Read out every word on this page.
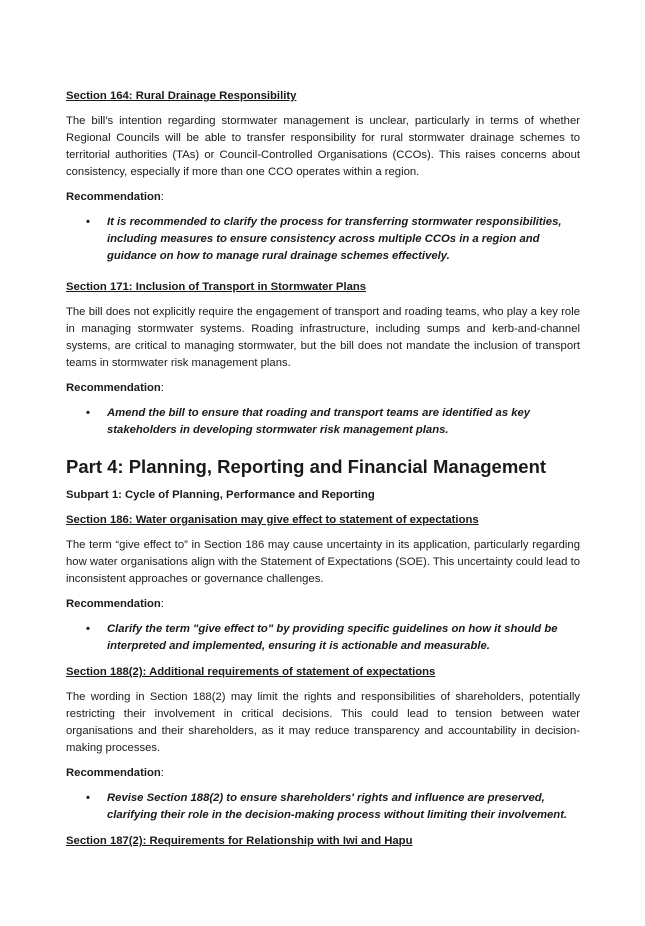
Section 164: Rural Drainage Responsibility
The bill’s intention regarding stormwater management is unclear, particularly in terms of whether Regional Councils will be able to transfer responsibility for rural stormwater drainage schemes to territorial authorities (TAs) or Council-Controlled Organisations (CCOs). This raises concerns about consistency, especially if more than one CCO operates within a region.
Recommendation:
• It is recommended to clarify the process for transferring stormwater responsibilities, including measures to ensure consistency across multiple CCOs in a region and guidance on how to manage rural drainage schemes effectively.
Section 171: Inclusion of Transport in Stormwater Plans
The bill does not explicitly require the engagement of transport and roading teams, who play a key role in managing stormwater systems. Roading infrastructure, including sumps and kerb-and-channel systems, are critical to managing stormwater, but the bill does not mandate the inclusion of transport teams in stormwater risk management plans.
Recommendation:
• Amend the bill to ensure that roading and transport teams are identified as key stakeholders in developing stormwater risk management plans.
Part 4: Planning, Reporting and Financial Management
Subpart 1: Cycle of Planning, Performance and Reporting
Section 186: Water organisation may give effect to statement of expectations
The term “give effect to” in Section 186 may cause uncertainty in its application, particularly regarding how water organisations align with the Statement of Expectations (SOE). This uncertainty could lead to inconsistent approaches or governance challenges.
Recommendation:
• Clarify the term "give effect to" by providing specific guidelines on how it should be interpreted and implemented, ensuring it is actionable and measurable.
Section 188(2): Additional requirements of statement of expectations
The wording in Section 188(2) may limit the rights and responsibilities of shareholders, potentially restricting their involvement in critical decisions. This could lead to tension between water organisations and their shareholders, as it may reduce transparency and accountability in decision-making processes.
Recommendation:
• Revise Section 188(2) to ensure shareholders' rights and influence are preserved, clarifying their role in the decision-making process without limiting their involvement.
Section 187(2): Requirements for Relationship with Iwi and Hapu
